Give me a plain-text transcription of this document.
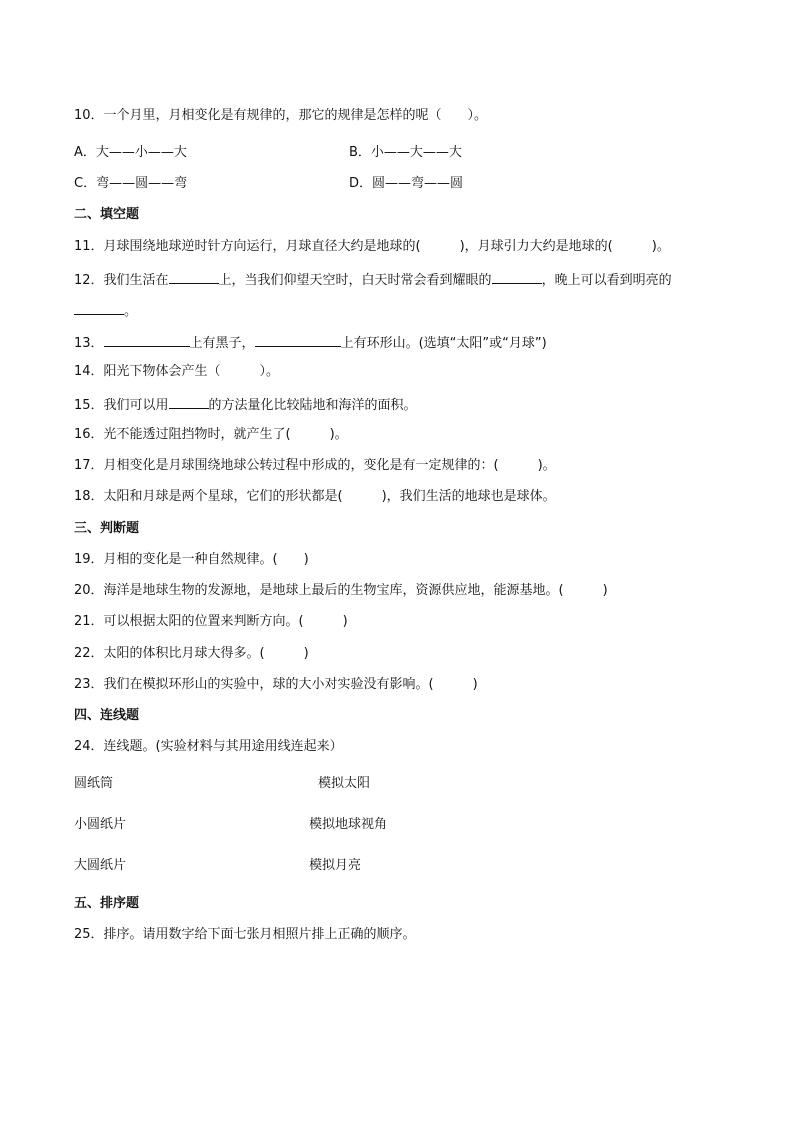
10．一个月里，月相变化是有规律的，那它的规律是怎样的呢（　　）。
A．大——小——大	B．小——大——大
C．弯——圆——弯	D．圆——弯——圆
二、填空题
11．月球围绕地球逆时针方向运行，月球直径大约是地球的(　　　)，月球引力大约是地球的(　　　)。
12．我们生活在	上，当我们仰望天空时，白天时常会看到耀眼的	，晚上可以看到明亮的
。
13．	上有黑子，	上有环形山。(选填“太阳”或“月球”)
14．阳光下物体会产生（　　　）。
15．我们可以用	的方法量化比较陆地和海洋的面积。
16．光不能透过阻挡物时，就产生了(　　　)。
17．月相变化是月球围绕地球公转过程中形成的，变化是有一定规律的：(　　　)。
18．太阳和月球是两个星球，它们的形状都是(　　　)，我们生活的地球也是球体。
三、判断题
19．月相的变化是一种自然规律。(　　)
20．海洋是地球生物的发源地，是地球上最后的生物宝库，资源供应地，能源基地。(　　　)
21．可以根据太阳的位置来判断方向。(　　　)
22．太阳的体积比月球大得多。(　　　)
23．我们在模拟环形山的实验中，球的大小对实验没有影响。(　　　)
四、连线题
24．连线题。(实验材料与其用途用线连起来）
圆纸筒	模拟太阳
小圆纸片	模拟地球视角
大圆纸片	模拟月亮
五、排序题
25．排序。请用数字给下面七张月相照片排上正确的顺序。
